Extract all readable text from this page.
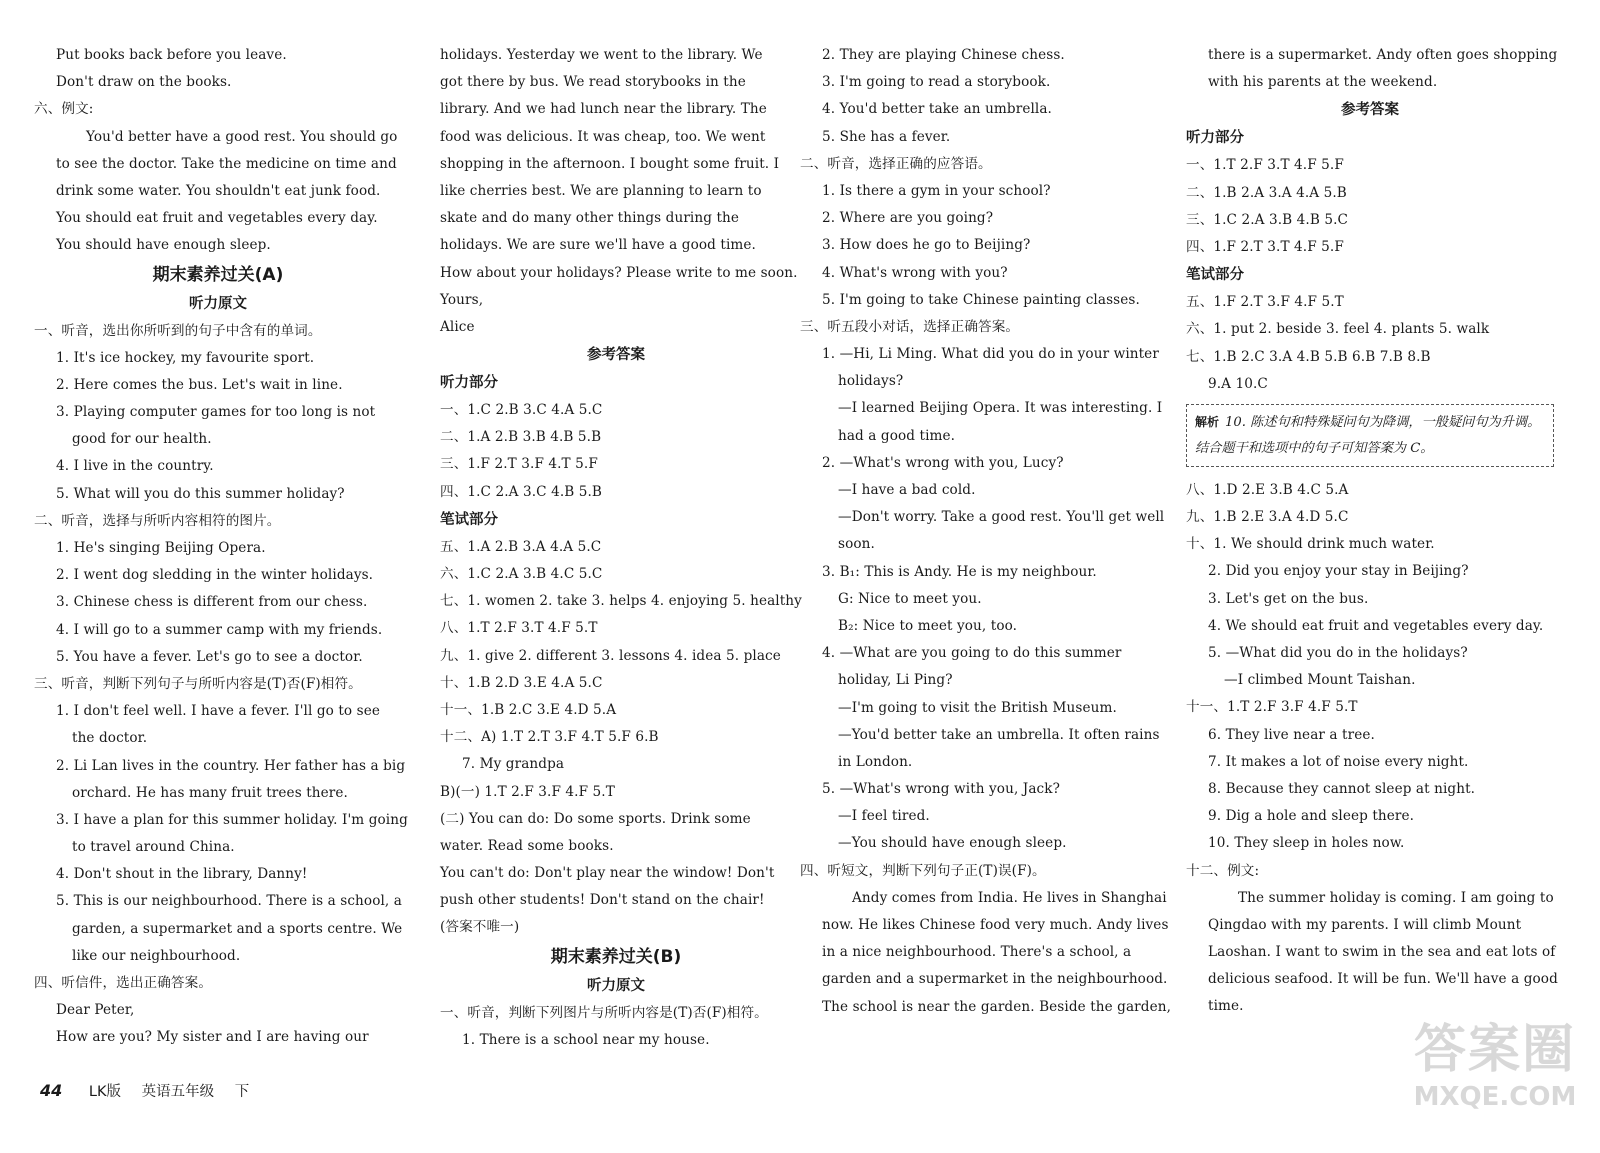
Put books back before you leave.
Don't draw on the books.
六、例文:
You'd better have a good rest. You should go
to see the doctor. Take the medicine on time and
drink some water. You shouldn't eat junk food.
You should eat fruit and vegetables every day.
You should have enough sleep.
期末素养过关(A)
听力原文
一、听音，选出你所听到的句子中含有的单词。
1. It's ice hockey, my favourite sport.
2. Here comes the bus. Let's wait in line.
3. Playing computer games for too long is not
good for our health.
4. I live in the country.
5. What will you do this summer holiday?
二、听音，选择与所听内容相符的图片。
1. He's singing Beijing Opera.
2. I went dog sledding in the winter holidays.
3. Chinese chess is different from our chess.
4. I will go to a summer camp with my friends.
5. You have a fever. Let's go to see a doctor.
三、听音，判断下列句子与所听内容是(T)否(F)相符。
1. I don't feel well. I have a fever. I'll go to see
the doctor.
2. Li Lan lives in the country. Her father has a big
orchard. He has many fruit trees there.
3. I have a plan for this summer holiday. I'm going
to travel around China.
4. Don't shout in the library, Danny!
5. This is our neighbourhood. There is a school, a
garden, a supermarket and a sports centre. We
like our neighbourhood.
四、听信件，选出正确答案。
Dear Peter,
How are you? My sister and I are having our
holidays. Yesterday we went to the library. We
got there by bus. We read storybooks in the
library. And we had lunch near the library. The
food was delicious. It was cheap, too. We went
shopping in the afternoon. I bought some fruit. I
like cherries best. We are planning to learn to
skate and do many other things during the
holidays. We are sure we'll have a good time.
How about your holidays? Please write to me soon.
Yours,
Alice
参考答案
听力部分
一、1.C 2.B 3.C 4.A 5.C
二、1.A 2.B 3.B 4.B 5.B
三、1.F 2.T 3.F 4.T 5.F
四、1.C 2.A 3.C 4.B 5.B
笔试部分
五、1.A 2.B 3.A 4.A 5.C
六、1.C 2.A 3.B 4.C 5.C
七、1. women 2. take 3. helps 4. enjoying 5. healthy
八、1.T 2.F 3.T 4.F 5.T
九、1. give 2. different 3. lessons 4. idea 5. place
十、1.B 2.D 3.E 4.A 5.C
十一、1.B 2.C 3.E 4.D 5.A
十二、A) 1.T 2.T 3.F 4.T 5.F 6.B
7. My grandpa
B)(一) 1.T 2.F 3.F 4.F 5.T
(二) You can do: Do some sports. Drink some
water. Read some books.
You can't do: Don't play near the window! Don't
push other students! Don't stand on the chair!
(答案不唯一)
期末素养过关(B)
听力原文
一、听音，判断下列图片与所听内容是(T)否(F)相符。
1. There is a school near my house.
2. They are playing Chinese chess.
3. I'm going to read a storybook.
4. You'd better take an umbrella.
5. She has a fever.
二、听音，选择正确的应答语。
1. Is there a gym in your school?
2. Where are you going?
3. How does he go to Beijing?
4. What's wrong with you?
5. I'm going to take Chinese painting classes.
三、听五段小对话，选择正确答案。
1. —Hi, Li Ming. What did you do in your winter
holidays?
—I learned Beijing Opera. It was interesting. I
had a good time.
2. —What's wrong with you, Lucy?
—I have a bad cold.
—Don't worry. Take a good rest. You'll get well
soon.
3. B₁: This is Andy. He is my neighbour.
G: Nice to meet you.
B₂: Nice to meet you, too.
4. —What are you going to do this summer
holiday, Li Ping?
—I'm going to visit the British Museum.
—You'd better take an umbrella. It often rains
in London.
5. —What's wrong with you, Jack?
—I feel tired.
—You should have enough sleep.
四、听短文，判断下列句子正(T)误(F)。
Andy comes from India. He lives in Shanghai
now. He likes Chinese food very much. Andy lives
in a nice neighbourhood. There's a school, a
garden and a supermarket in the neighbourhood.
The school is near the garden. Beside the garden,
there is a supermarket. Andy often goes shopping
with his parents at the weekend.
参考答案
听力部分
一、1.T 2.F 3.T 4.F 5.F
二、1.B 2.A 3.A 4.A 5.B
三、1.C 2.A 3.B 4.B 5.C
四、1.F 2.T 3.T 4.F 5.F
笔试部分
五、1.F 2.T 3.F 4.F 5.T
六、1. put 2. beside 3. feel 4. plants 5. walk
七、1.B 2.C 3.A 4.B 5.B 6.B 7.B 8.B
9.A 10.C
解析 10. 陈述句和特殊疑问句为降调，一般疑问句为升调。结合题干和选项中的句子可知答案为 C。
八、1.D 2.E 3.B 4.C 5.A
九、1.B 2.E 3.A 4.D 5.C
十、1. We should drink much water.
2. Did you enjoy your stay in Beijing?
3. Let's get on the bus.
4. We should eat fruit and vegetables every day.
5. —What did you do in the holidays?
—I climbed Mount Taishan.
十一、1.T 2.F 3.F 4.F 5.T
6. They live near a tree.
7. It makes a lot of noise every night.
8. Because they cannot sleep at night.
9. Dig a hole and sleep there.
10. They sleep in holes now.
十二、例文:
The summer holiday is coming. I am going to
Qingdao with my parents. I will climb Mount
Laoshan. I want to swim in the sea and eat lots of
delicious seafood. It will be fun. We'll have a good
time.
44 LK版 英语五年级 下
答案圈
MXQE.COM
